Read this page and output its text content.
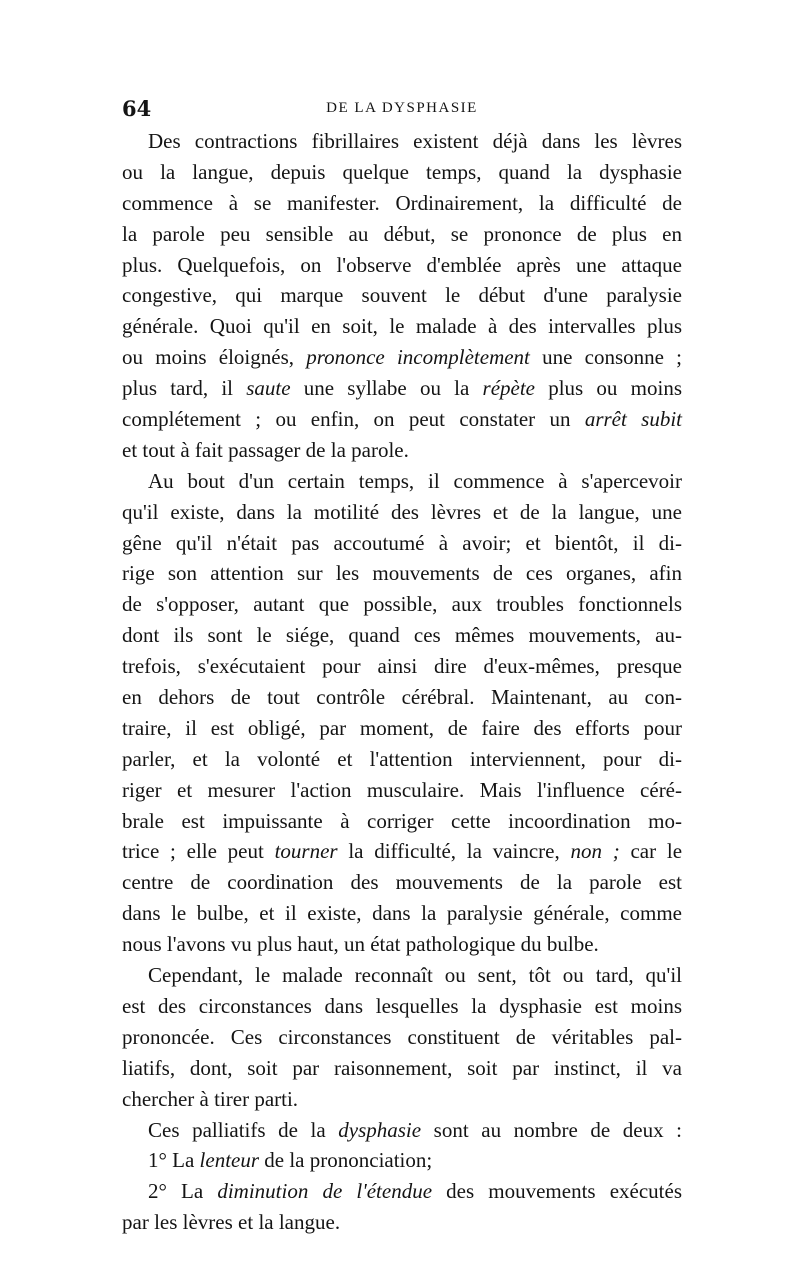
64	DE LA DYSPHASIE
Des contractions fibrillaires existent déjà dans les lèvres
ou la langue, depuis quelque temps, quand la dysphasie
commence à se manifester. Ordinairement, la difficulté de
la parole peu sensible au début, se prononce de plus en
plus. Quelquefois, on l'observe d'emblée après une attaque
congestive, qui marque souvent le début d'une paralysie
générale. Quoi qu'il en soit, le malade à des intervalles plus
ou moins éloignés, prononce incomplètement une consonne ;
plus tard, il saute une syllabe ou la répète plus ou moins
complétement ; ou enfin, on peut constater un arrêt subit
et tout à fait passager de la parole.
Au bout d'un certain temps, il commence à s'apercevoir
qu'il existe, dans la motilité des lèvres et de la langue, une
gêne qu'il n'était pas accoutumé à avoir; et bientôt, il di-
rige son attention sur les mouvements de ces organes, afin
de s'opposer, autant que possible, aux troubles fonctionnels
dont ils sont le siége, quand ces mêmes mouvements, au-
trefois, s'exécutaient pour ainsi dire d'eux-mêmes, presque
en dehors de tout contrôle cérébral. Maintenant, au con-
traire, il est obligé, par moment, de faire des efforts pour
parler, et la volonté et l'attention interviennent, pour di-
riger et mesurer l'action musculaire. Mais l'influence céré-
brale est impuissante à corriger cette incoordination mo-
trice ; elle peut tourner la difficulté, la vaincre, non ; car le
centre de coordination des mouvements de la parole est
dans le bulbe, et il existe, dans la paralysie générale, comme
nous l'avons vu plus haut, un état pathologique du bulbe.
Cependant, le malade reconnaît ou sent, tôt ou tard, qu'il
est des circonstances dans lesquelles la dysphasie est moins
prononcée. Ces circonstances constituent de véritables pal-
liatifs, dont, soit par raisonnement, soit par instinct, il va
chercher à tirer parti.
Ces palliatifs de la dysphasie sont au nombre de deux :
1° La lenteur de la prononciation;
2° La diminution de l'étendue des mouvements exécutés
par les lèvres et la langue.
